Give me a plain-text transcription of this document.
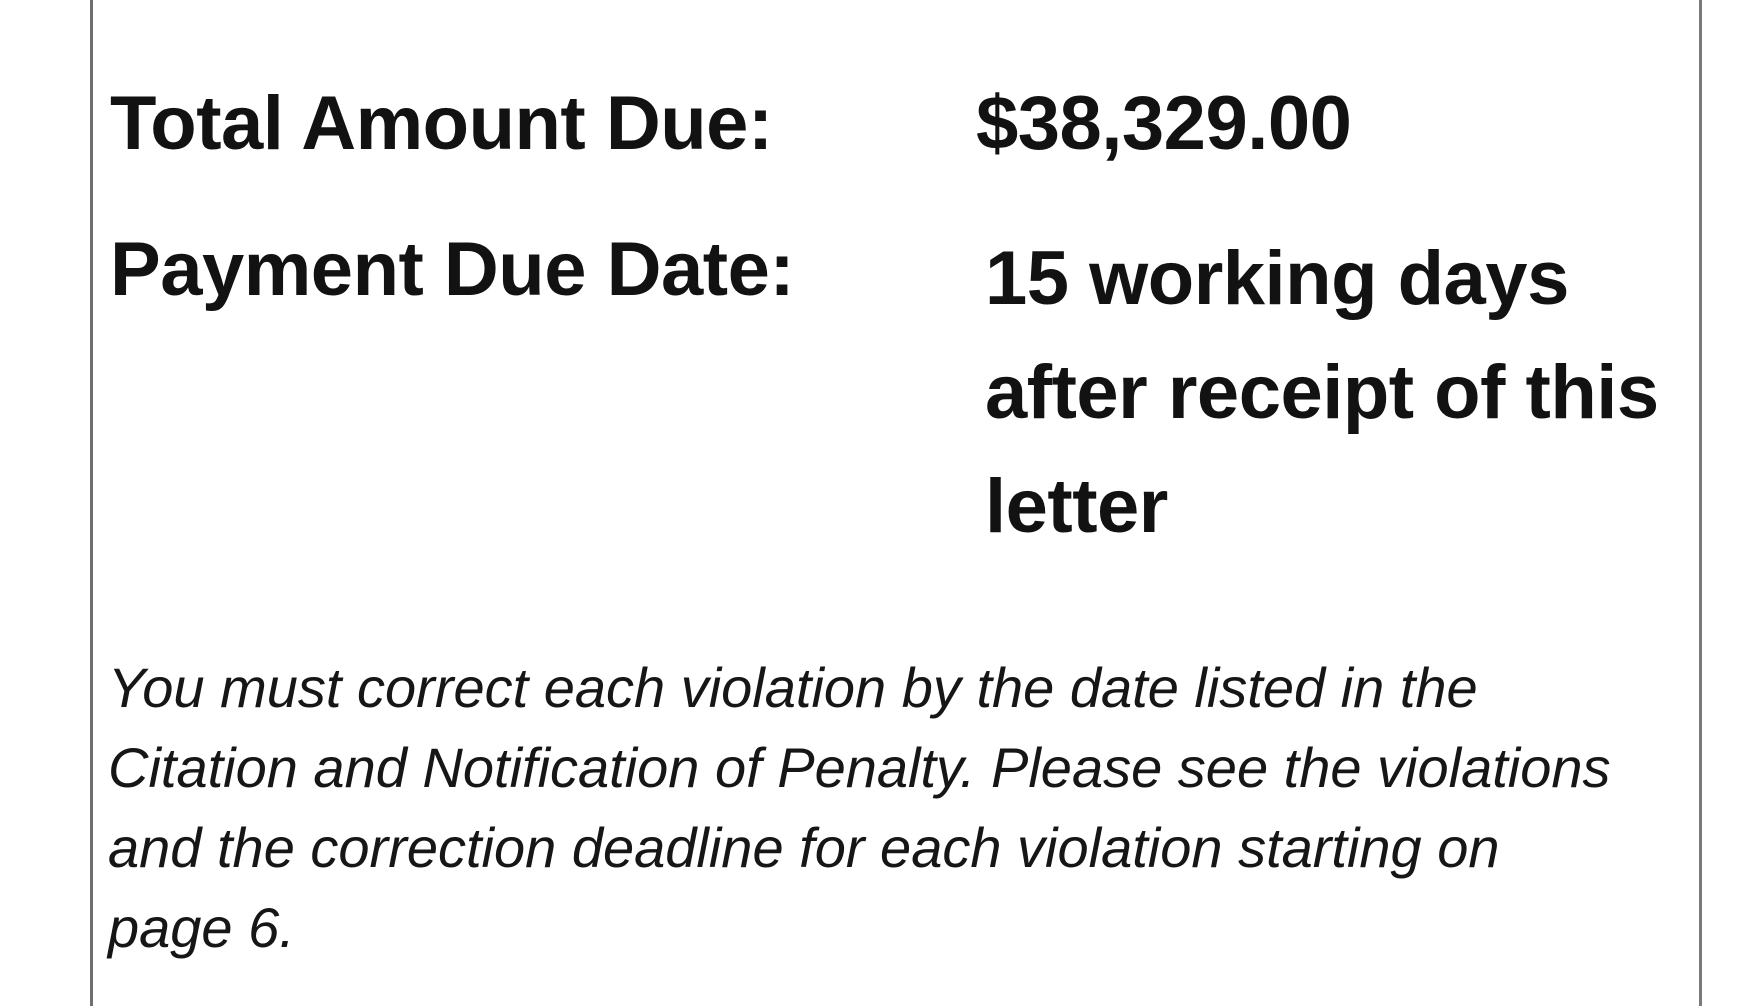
Total Amount Due:	$38,329.00
Payment Due Date:	15 working days after receipt of this letter
You must correct each violation by the date listed in the Citation and Notification of Penalty. Please see the violations and the correction deadline for each violation starting on page 6.
